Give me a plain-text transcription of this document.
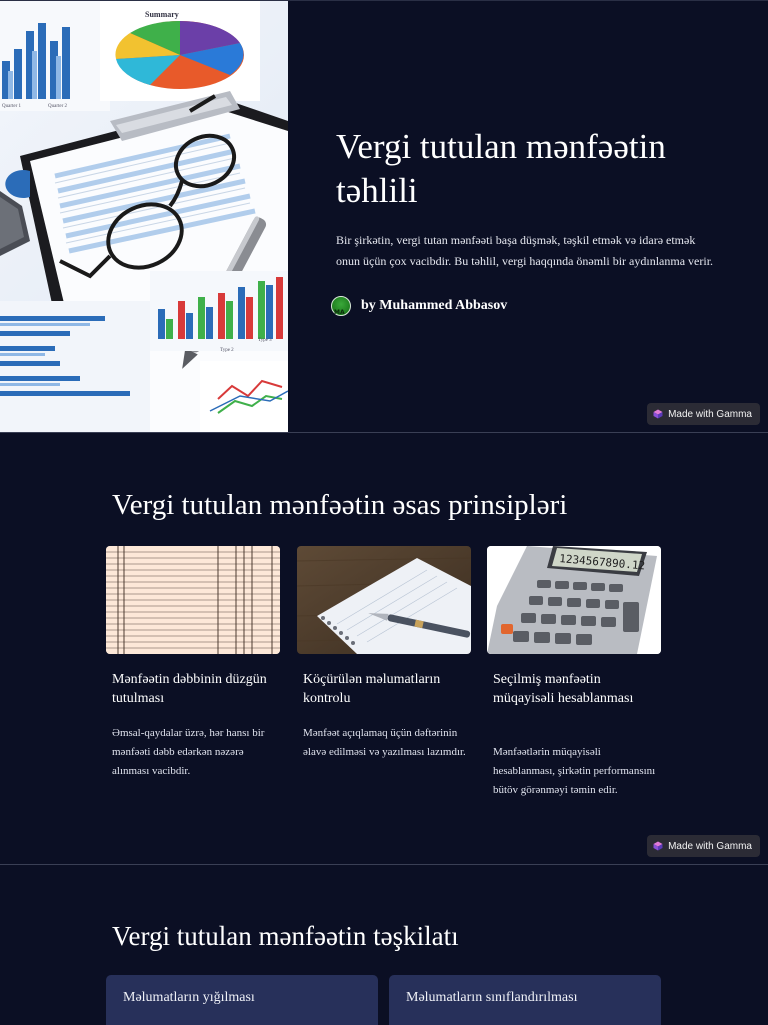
Quarter 1	Quarter 2
Summary
Type 2
Type 3
Vergi tutulan mənfəətin təhlili

Bir şirkətin, vergi tutan mənfəəti başa düşmək, təşkil etmək və idarə etmək onun üçün çox vacibdir. Bu təhlil, vergi haqqında önəmli bir aydınlanma verir.

MA by Muhammed Abbasov
Made with Gamma
Vergi tutulan mənfəətin əsas prinsipləri
Mənfəətin dəbbinin düzgün tutulması

Əmsal-qaydalar üzrə, hər hansı bir mənfəəti dəbb edərkən nəzərə alınması vacibdir.

Köçürülən məlumatların kontrolu

Mənfəət açıqlamaq üçün dəftərinin əlavə edilməsi və yazılması lazımdır.

1234567890.12
Seçilmiş mənfəətin müqayisəli hesablanması

Mənfəətlərin müqayisəli hesablanması, şirkətin performansını bütöv görənməyi təmin edir.

Made with Gamma
Vergi tutulan mənfəətin təşkilatı
Məlumatların yığılması	Məlumatların sınıflandırılması
